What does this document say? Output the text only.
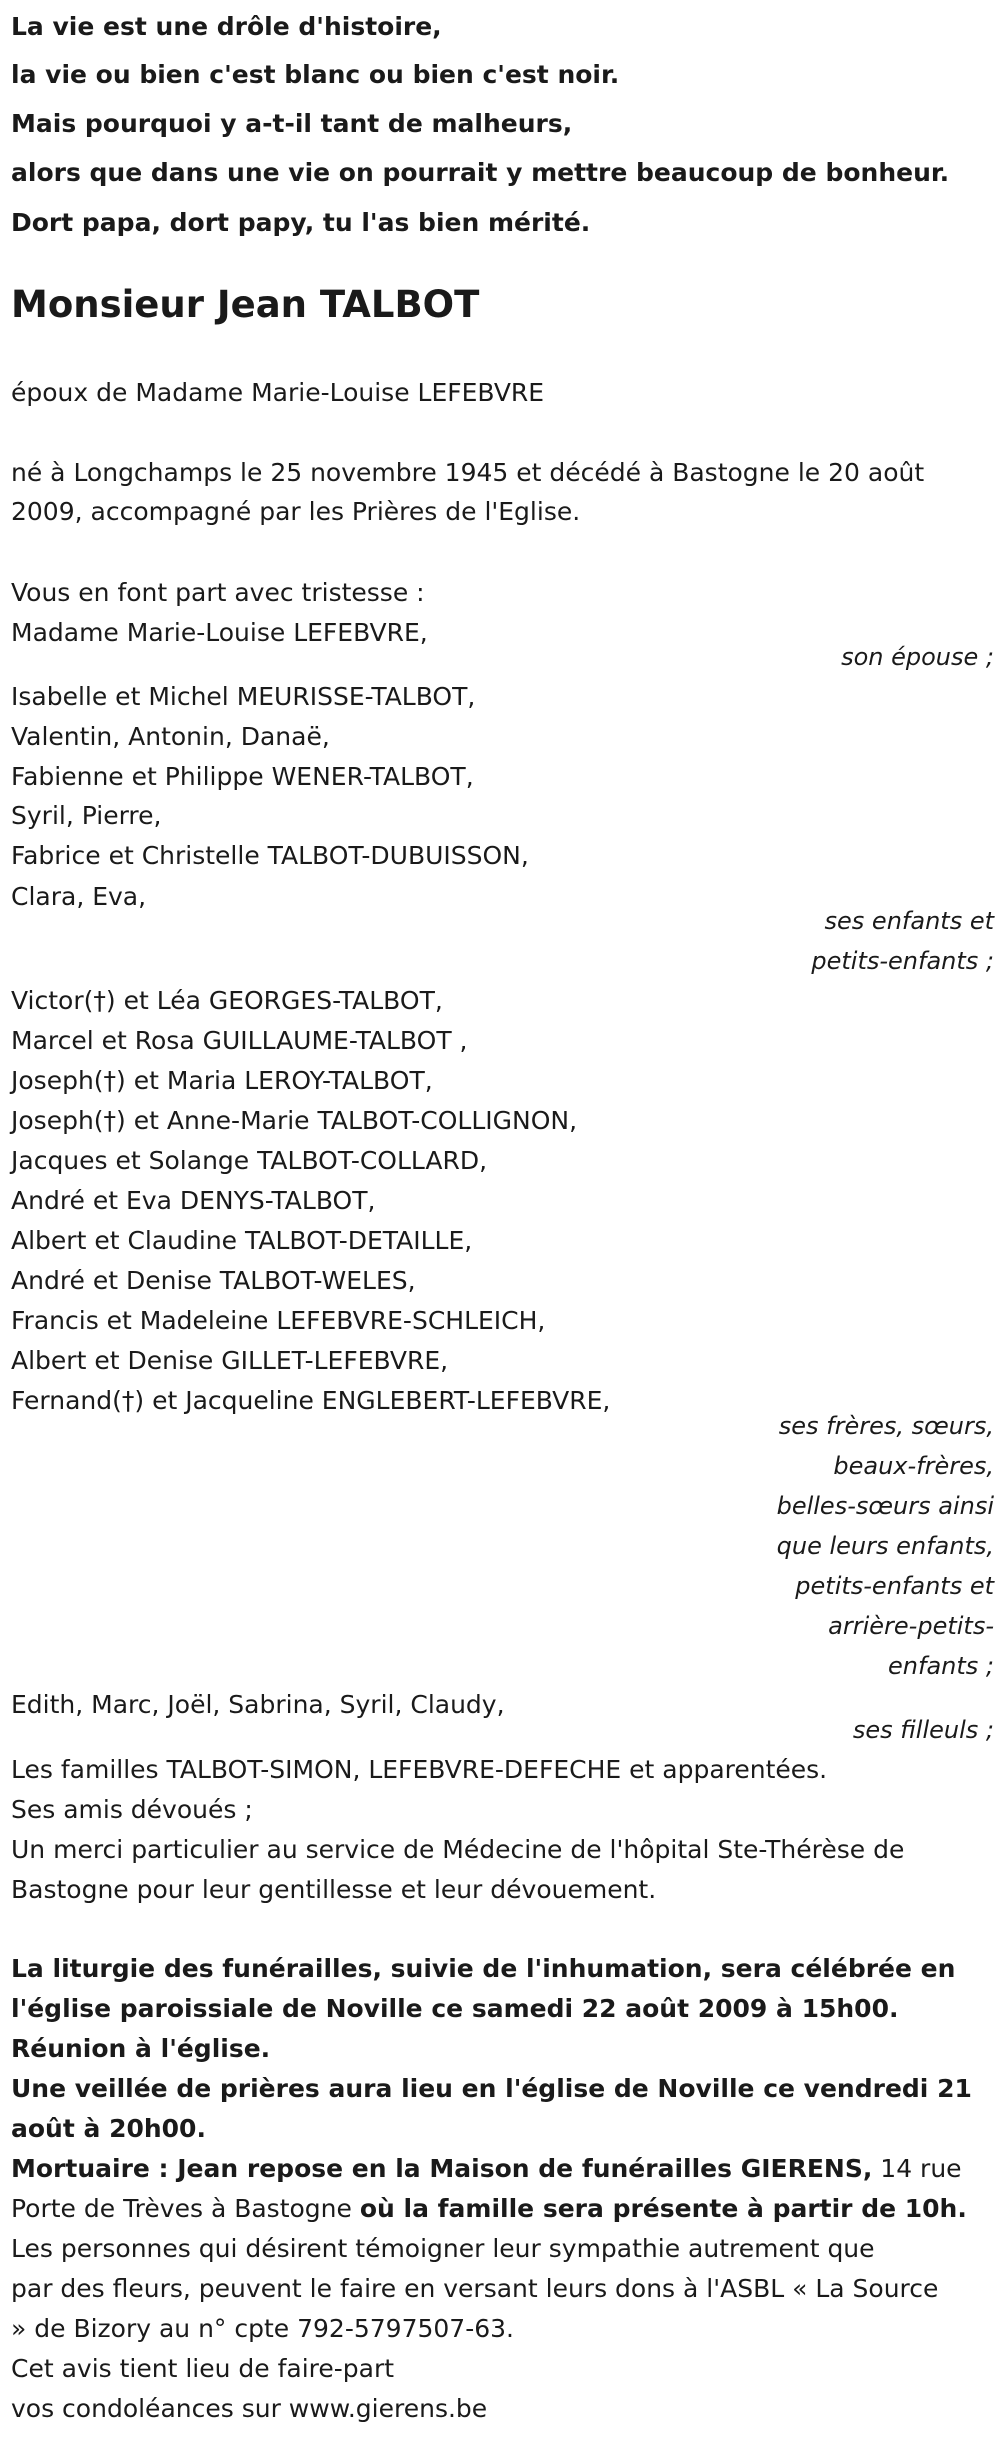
La vie est une drôle d'histoire,
la vie ou bien c'est blanc ou bien c'est noir.
Mais pourquoi y a-t-il tant de malheurs,
alors que dans une vie on pourrait y mettre beaucoup de bonheur.
Dort papa, dort papy, tu l'as bien mérité.
Monsieur Jean TALBOT
époux de Madame Marie-Louise LEFEBVRE
né à Longchamps le 25 novembre 1945 et décédé à Bastogne le 20 août
2009, accompagné par les Prières de l'Eglise.
Vous en font part avec tristesse :
Madame Marie-Louise LEFEBVRE,
son épouse ;
Isabelle et Michel MEURISSE-TALBOT,
Valentin, Antonin, Danaë,
Fabienne et Philippe WENER-TALBOT,
Syril, Pierre,
Fabrice et Christelle TALBOT-DUBUISSON,
Clara, Eva,
ses enfants et
petits-enfants ;
Victor(†) et Léa GEORGES-TALBOT,
Marcel et Rosa GUILLAUME-TALBOT ,
Joseph(†) et Maria LEROY-TALBOT,
Joseph(†) et Anne-Marie TALBOT-COLLIGNON,
Jacques et Solange TALBOT-COLLARD,
André et Eva DENYS-TALBOT,
Albert et Claudine TALBOT-DETAILLE,
André et Denise TALBOT-WELES,
Francis et Madeleine LEFEBVRE-SCHLEICH,
Albert et Denise GILLET-LEFEBVRE,
Fernand(†) et Jacqueline ENGLEBERT-LEFEBVRE,
ses frères, sœurs,
beaux-frères,
belles-sœurs ainsi
que leurs enfants,
petits-enfants et
arrière-petits-
enfants ;
Edith, Marc, Joël, Sabrina, Syril, Claudy,
ses filleuls ;
Les familles TALBOT-SIMON, LEFEBVRE-DEFECHE et apparentées.
Ses amis dévoués ;
Un merci particulier au service de Médecine de l'hôpital Ste-Thérèse de
Bastogne pour leur gentillesse et leur dévouement.
La liturgie des funérailles, suivie de l'inhumation, sera célébrée en
l'église paroissiale de Noville ce samedi 22 août 2009 à 15h00.
Réunion à l'église.
Une veillée de prières aura lieu en l'église de Noville ce vendredi 21
août à 20h00.
Mortuaire : Jean repose en la Maison de funérailles GIERENS, 14 rue
Porte de Trèves à Bastogne où la famille sera présente à partir de 10h.
Les personnes qui désirent témoigner leur sympathie autrement que
par des fleurs, peuvent le faire en versant leurs dons à l'ASBL « La Source
» de Bizory au n° cpte 792-5797507-63.
Cet avis tient lieu de faire-part
vos condoléances sur www.gierens.be
